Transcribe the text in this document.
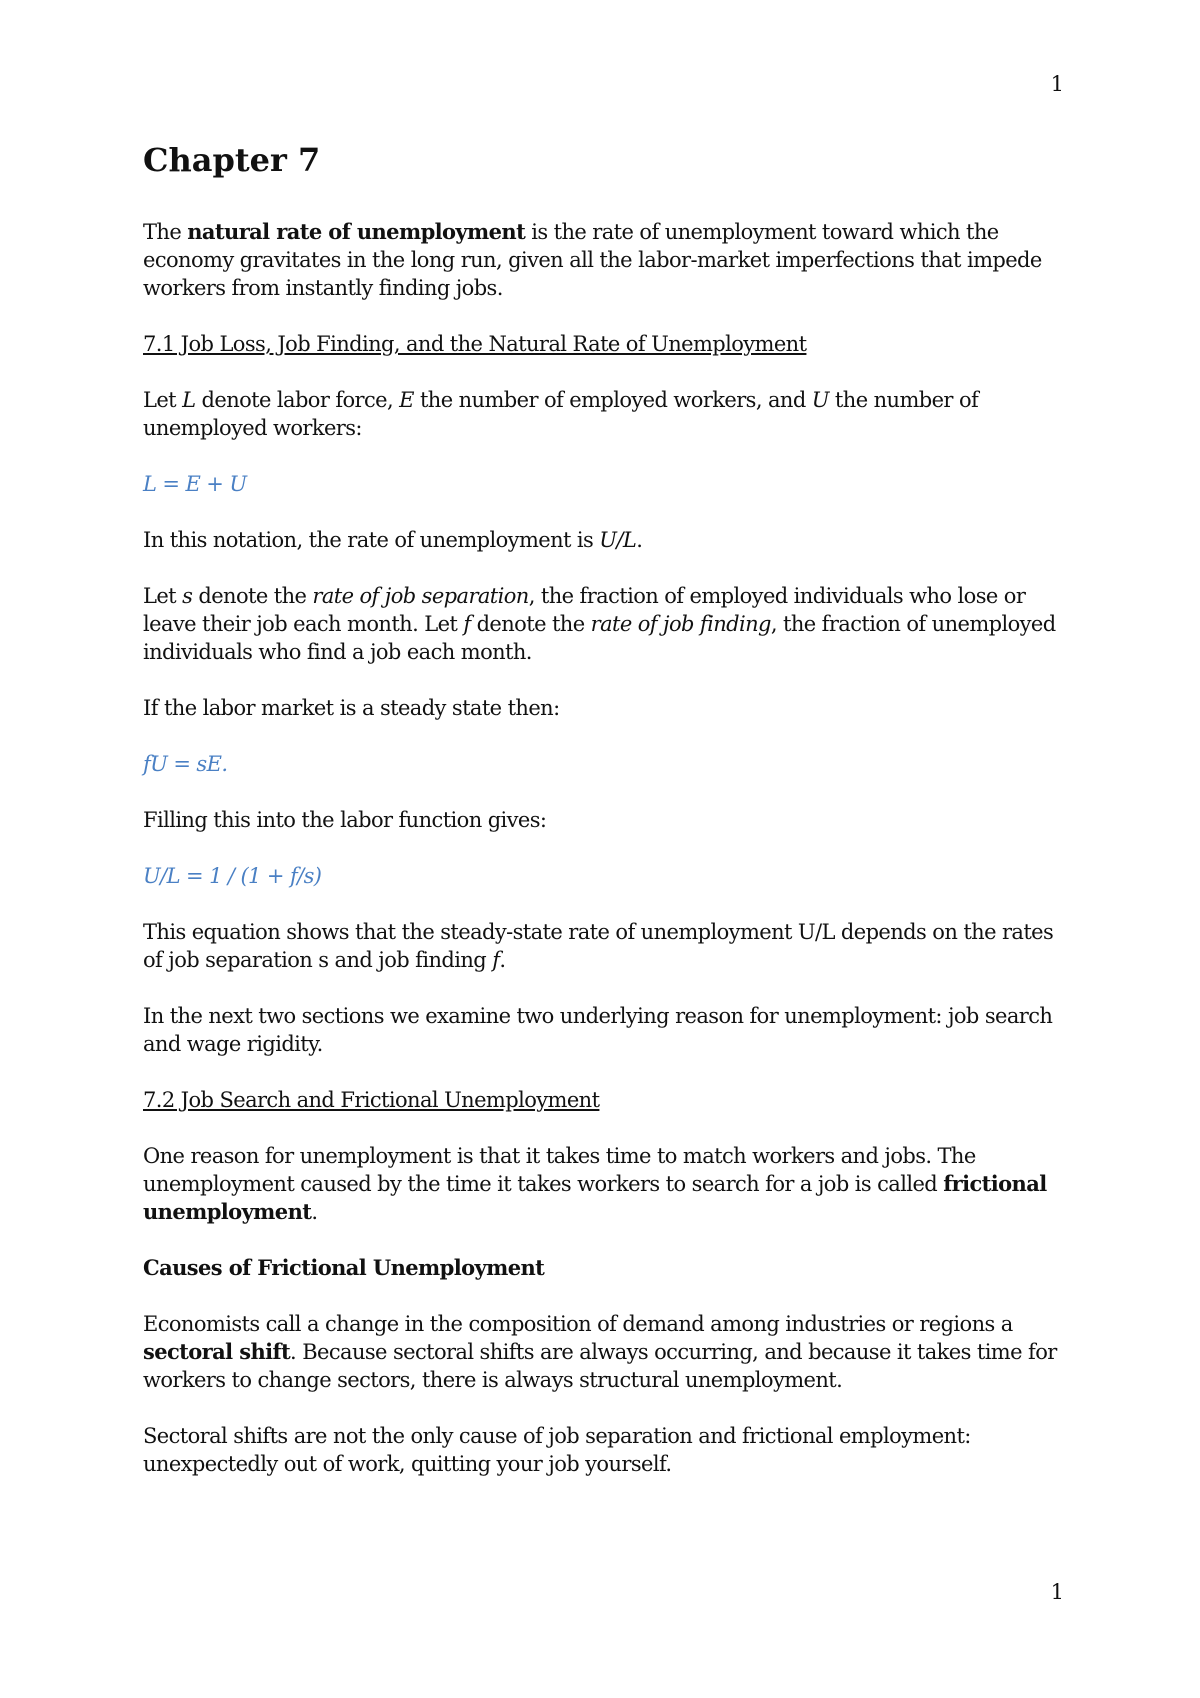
1
Chapter 7

The natural rate of unemployment is the rate of unemployment toward which the economy gravitates in the long run, given all the labor-market imperfections that impede workers from instantly finding jobs.

7.1 Job Loss, Job Finding, and the Natural Rate of Unemployment

Let L denote labor force, E the number of employed workers, and U the number of unemployed workers:

L = E + U

In this notation, the rate of unemployment is U/L.

Let s denote the rate of job separation, the fraction of employed individuals who lose or leave their job each month. Let f denote the rate of job finding, the fraction of unemployed individuals who find a job each month.

If the labor market is a steady state then:

fU = sE.

Filling this into the labor function gives:

U/L = 1 / (1 + f/s)

This equation shows that the steady-state rate of unemployment U/L depends on the rates of job separation s and job finding f.

In the next two sections we examine two underlying reason for unemployment: job search and wage rigidity.

7.2 Job Search and Frictional Unemployment

One reason for unemployment is that it takes time to match workers and jobs. The unemployment caused by the time it takes workers to search for a job is called frictional unemployment.

Causes of Frictional Unemployment

Economists call a change in the composition of demand among industries or regions a sectoral shift. Because sectoral shifts are always occurring, and because it takes time for workers to change sectors, there is always structural unemployment.

Sectoral shifts are not the only cause of job separation and frictional employment: unexpectedly out of work, quitting your job yourself.

1
